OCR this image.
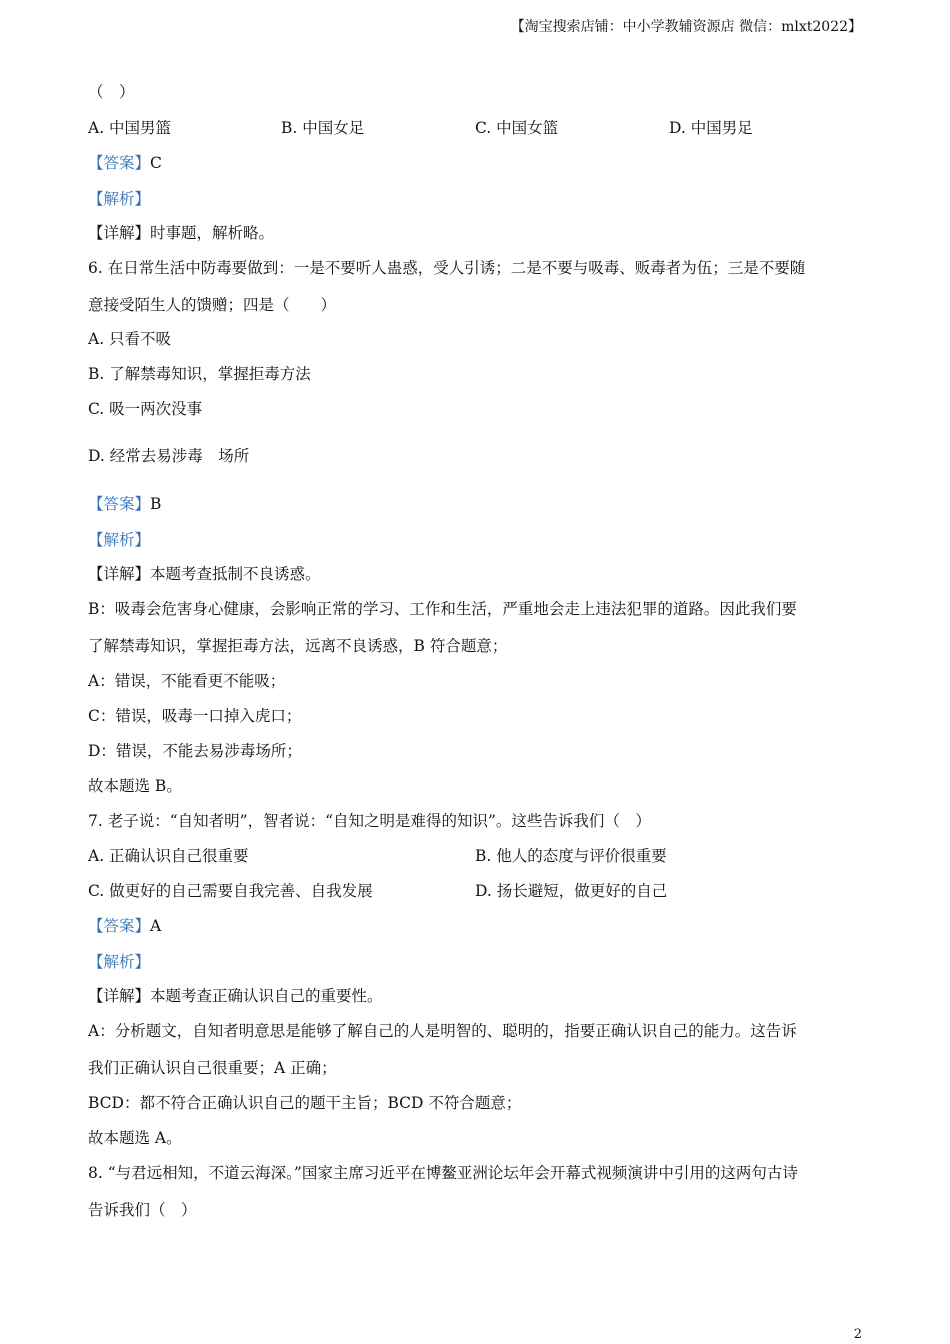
【淘宝搜索店铺：中小学教辅资源店 微信：mlxt2022】
（　）
A. 中国男篮	B. 中国女足	C. 中国女篮	D. 中国男足
【答案】C
【解析】
【详解】时事题，解析略。
6. 在日常生活中防毒要做到：一是不要听人蛊惑，受人引诱；二是不要与吸毒、贩毒者为伍；三是不要随
意接受陌生人的馈赠；四是（　　）
A. 只看不吸
B. 了解禁毒知识，掌握拒毒方法
C. 吸一两次没事
D. 经常去易涉毒　场所
【答案】B
【解析】
【详解】本题考查抵制不良诱惑。
B：吸毒会危害身心健康，会影响正常的学习、工作和生活，严重地会走上违法犯罪的道路。因此我们要
了解禁毒知识，掌握拒毒方法，远离不良诱惑，B 符合题意；
A：错误，不能看更不能吸；
C：错误，吸毒一口掉入虎口；
D：错误，不能去易涉毒场所；
故本题选 B。
7. 老子说：“自知者明”，智者说：“自知之明是难得的知识”。这些告诉我们（　）
A. 正确认识自己很重要	B. 他人的态度与评价很重要
C. 做更好的自己需要自我完善、自我发展	D. 扬长避短，做更好的自己
【答案】A
【解析】
【详解】本题考查正确认识自己的重要性。
A：分析题文，自知者明意思是能够了解自己的人是明智的、聪明的，指要正确认识自己的能力。这告诉
我们正确认识自己很重要；A 正确；
BCD：都不符合正确认识自己的题干主旨；BCD 不符合题意；
故本题选 A。
8. “与君远相知，不道云海深。”国家主席习近平在博鳌亚洲论坛年会开幕式视频演讲中引用的这两句古诗
告诉我们（　）
2
